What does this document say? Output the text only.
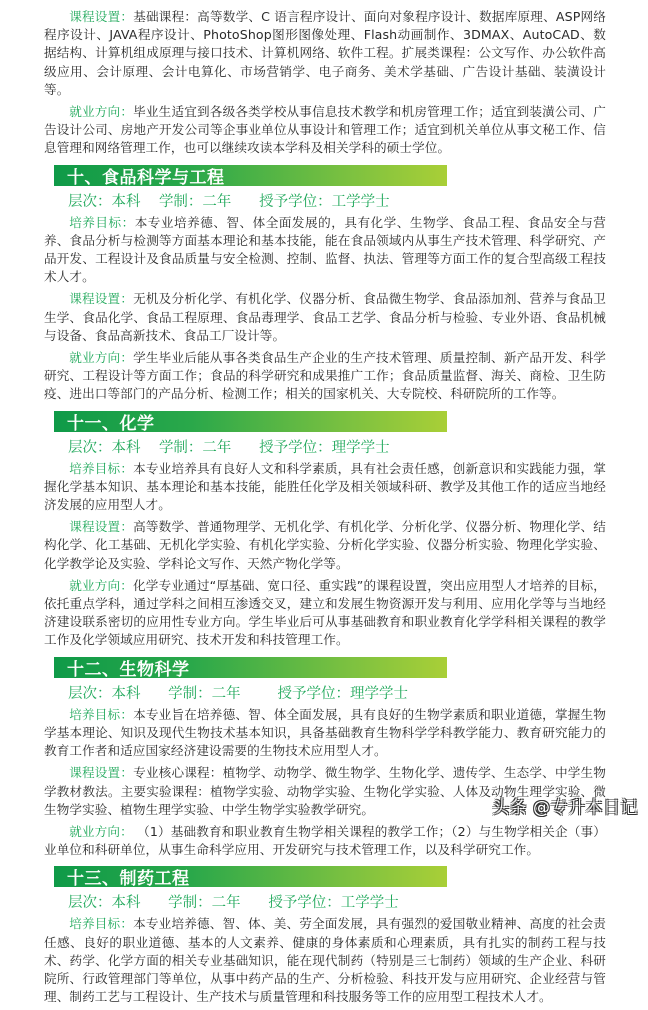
课程设置：基础课程：高等数学、C 语言程序设计、面向对象程序设计、数据库原理、ASP网络程序设计、JAVA程序设计、PhotoShop图形图像处理、Flash动画制作、3DMAX、AutoCAD、数据结构、计算机组成原理与接口技术、计算机网络、软件工程。扩展类课程：公文写作、办公软件高级应用、会计原理、会计电算化、市场营销学、电子商务、美术学基础、广告设计基础、装潢设计等。

就业方向：毕业生适宜到各级各类学校从事信息技术教学和机房管理工作；适宜到装潢公司、广告设计公司、房地产开发公司等企事业单位从事设计和管理工作；适宜到机关单位从事文秘工作、信息管理和网络管理工作，也可以继续攻读本学科及相关学科的硕士学位。

十、食品科学与工程
层次：本科 学制：二年 授予学位：工学学士

培养目标：本专业培养德、智、体全面发展的，具有化学、生物学、食品工程、食品安全与营养、食品分析与检测等方面基本理论和基本技能，能在食品领域内从事生产技术管理、科学研究、产品开发、工程设计及食品质量与安全检测、控制、监督、执法、管理等方面工作的复合型高级工程技术人才。

课程设置：无机及分析化学、有机化学、仪器分析、食品微生物学、食品添加剂、营养与食品卫生学、食品化学、食品工程原理、食品毒理学、食品工艺学、食品分析与检验、专业外语、食品机械与设备、食品高新技术、食品工厂设计等。

就业方向：学生毕业后能从事各类食品生产企业的生产技术管理、质量控制、新产品开发、科学研究、工程设计等方面工作；食品的科学研究和成果推广工作；食品质量监督、海关、商检、卫生防疫、进出口等部门的产品分析、检测工作；相关的国家机关、大专院校、科研院所的工作等。

十一、化学
层次：本科 学制：二年 授予学位：理学学士

培养目标：本专业培养具有良好人文和科学素质，具有社会责任感，创新意识和实践能力强，掌握化学基本知识、基本理论和基本技能，能胜任化学及相关领域科研、教学及其他工作的适应当地经济发展的应用型人才。

课程设置：高等数学、普通物理学、无机化学、有机化学、分析化学、仪器分析、物理化学、结构化学、化工基础、无机化学实验、有机化学实验、分析化学实验、仪器分析实验、物理化学实验、化学教学论及实验、学科论文写作、天然产物化学等。

就业方向：化学专业通过“厚基础、宽口径、重实践”的课程设置，突出应用型人才培养的目标，依托重点学科，通过学科之间相互渗透交叉，建立和发展生物资源开发与利用、应用化学等与当地经济建设联系密切的应用性专业方向。学生毕业后可从事基础教育和职业教育化学学科相关课程的教学工作及化学领域应用研究、技术开发和科技管理工作。

十二、生物科学
层次：本科 学制：二年	授予学位：理学学士

培养目标：本专业旨在培养德、智、体全面发展，具有良好的生物学素质和职业道德，掌握生物学基本理论、知识及现代生物技术基本知识，具备基础教育生物科学学科教学能力、教育研究能力的教育工作者和适应国家经济建设需要的生物技术应用型人才。

课程设置：专业核心课程：植物学、动物学、微生物学、生物化学、遗传学、生态学、中学生物学教材教法。主要实验课程：植物学实验、动物学实验、生物化学实验、人体及动物生理学实验、微生物学实验、植物生理学实验、中学生物学实验教学研究。

就业方向： （1）基础教育和职业教育生物学相关课程的教学工作；（2）与生物学相关企（事）业单位和科研单位，从事生命科学应用、开发研究与技术管理工作，以及科学研究工作。

十三、制药工程
层次：本科 学制：二年 授予学位：工学学士

培养目标：本专业培养德、智、体、美、劳全面发展，具有强烈的爱国敬业精神、高度的社会责任感、良好的职业道德、基本的人文素养、健康的身体素质和心理素质，具有扎实的制药工程与技术、药学、化学方面的相关专业基础知识，能在现代制药（特别是三七制药）领域的生产企业、科研院所、行政管理部门等单位，从事中药产品的生产、分析检验、科技开发与应用研究、企业经营与管理、制药工艺与工程设计、生产技术与质量管理和科技服务等工作的应用型工程技术人才。

头条 @专升本日记
